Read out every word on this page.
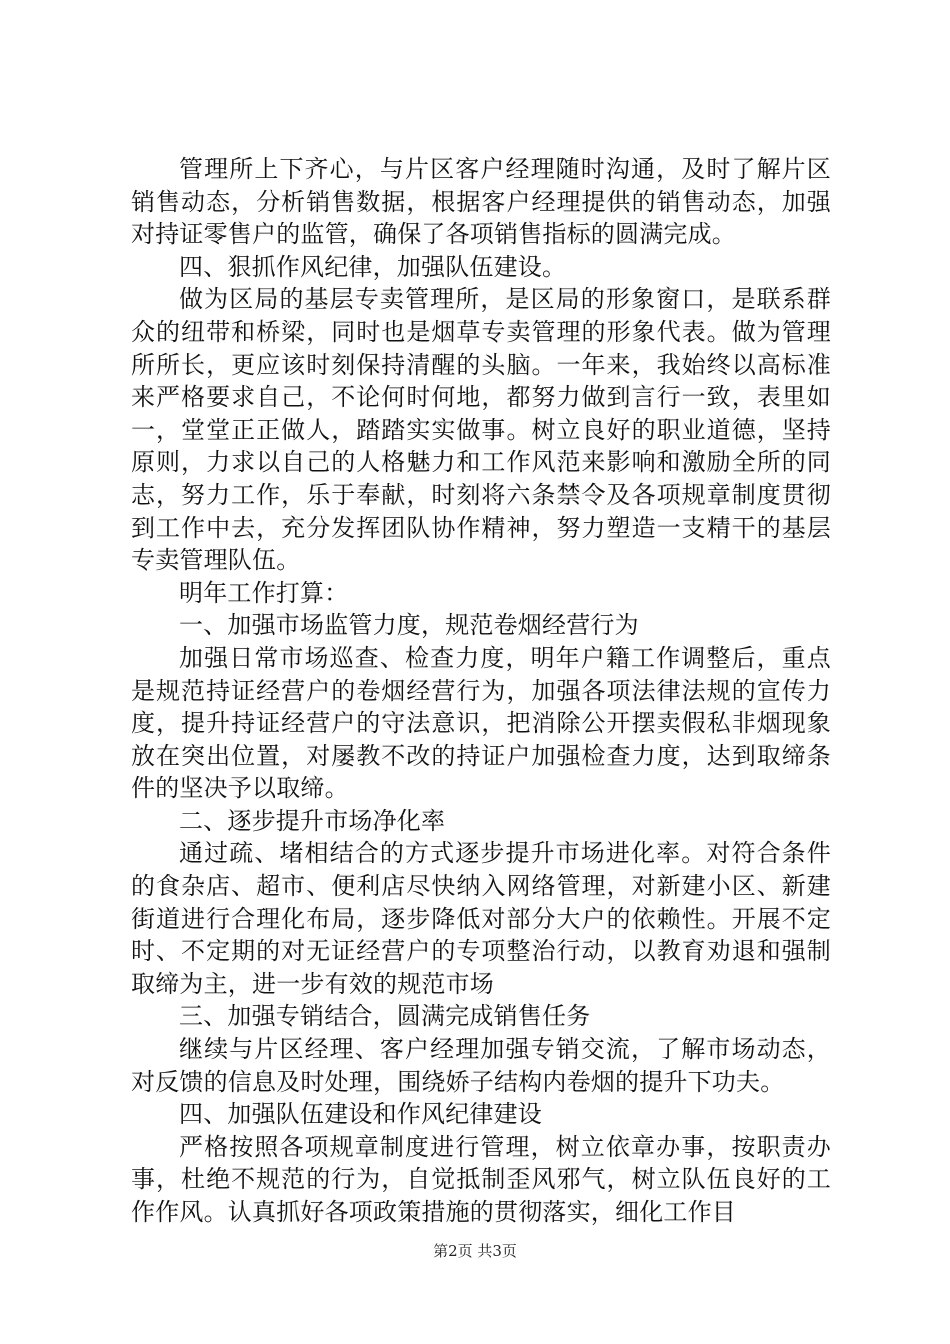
管理所上下齐心，与片区客户经理随时沟通，及时了解片区销售动态，分析销售数据，根据客户经理提供的销售动态，加强对持证零售户的监管，确保了各项销售指标的圆满完成。

四、狠抓作风纪律，加强队伍建设。

做为区局的基层专卖管理所，是区局的形象窗口，是联系群众的纽带和桥梁，同时也是烟草专卖管理的形象代表。做为管理所所长，更应该时刻保持清醒的头脑。一年来，我始终以高标准来严格要求自己，不论何时何地，都努力做到言行一致，表里如一，堂堂正正做人，踏踏实实做事。树立良好的职业道德，坚持原则，力求以自己的人格魅力和工作风范来影响和激励全所的同志，努力工作，乐于奉献，时刻将六条禁令及各项规章制度贯彻到工作中去，充分发挥团队协作精神，努力塑造一支精干的基层专卖管理队伍。

明年工作打算：

一、加强市场监管力度，规范卷烟经营行为

加强日常市场巡查、检查力度，明年户籍工作调整后，重点是规范持证经营户的卷烟经营行为，加强各项法律法规的宣传力度，提升持证经营户的守法意识，把消除公开摆卖假私非烟现象放在突出位置，对屡教不改的持证户加强检查力度，达到取缔条件的坚决予以取缔。

二、逐步提升市场净化率

通过疏、堵相结合的方式逐步提升市场进化率。对符合条件的食杂店、超市、便利店尽快纳入网络管理，对新建小区、新建街道进行合理化布局，逐步降低对部分大户的依赖性。开展不定时、不定期的对无证经营户的专项整治行动，以教育劝退和强制取缔为主，进一步有效的规范市场

三、加强专销结合，圆满完成销售任务

继续与片区经理、客户经理加强专销交流，了解市场动态，对反馈的信息及时处理，围绕娇子结构内卷烟的提升下功夫。

四、加强队伍建设和作风纪律建设

严格按照各项规章制度进行管理，树立依章办事，按职责办事，杜绝不规范的行为，自觉抵制歪风邪气，树立队伍良好的工作作风。认真抓好各项政策措施的贯彻落实，细化工作目

第2页 共3页
